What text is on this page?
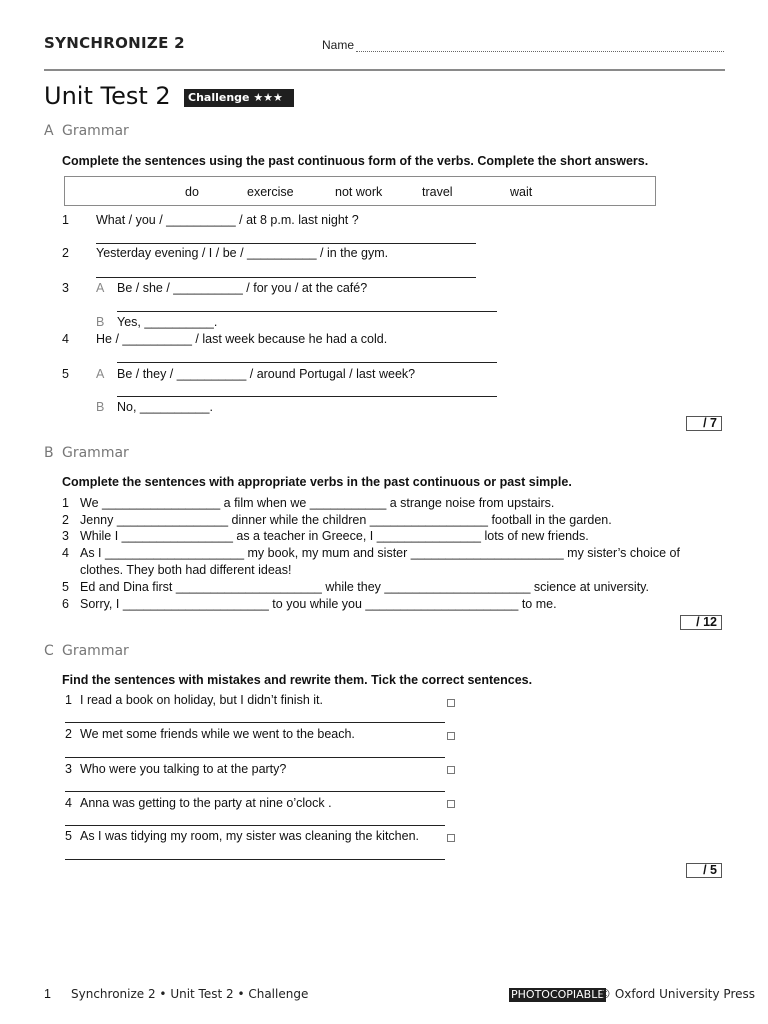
SYNCHRONIZE 2	Name
Unit Test 2	Challenge ★★★
A Grammar
Complete the sentences using the past continuous form of the verbs. Complete the short answers.
do	exercise	not work	travel	wait
1 What / you / __________ / at 8 p.m. last night ?
2 Yesterday evening / I / be / __________ / in the gym.
3 A Be / she / __________ / for you / at the café?
B Yes, __________.
4 He / __________ / last week because he had a cold.
5 A Be / they / __________ / around Portugal / last week?
B No, __________.
/ 7
B Grammar
Complete the sentences with appropriate verbs in the past continuous or past simple.
1 We _________________ a film when we ___________ a strange noise from upstairs.
2 Jenny ________________ dinner while the children _________________ football in the garden.
3 While I ________________ as a teacher in Greece, I _______________ lots of new friends.
4 As I ____________________ my book, my mum and sister ______________________ my sister’s choice of
clothes. They both had different ideas!
5 Ed and Dina first _____________________ while they _____________________ science at university.
6 Sorry, I _____________________ to you while you ______________________ to me.
/ 12
C Grammar
Find the sentences with mistakes and rewrite them. Tick the correct sentences.
1 I read a book on holiday, but I didn’t finish it.
2 We met some friends while we went to the beach.
3 Who were you talking to at the party?
4 Anna was getting to the party at nine o’clock .
5 As I was tidying my room, my sister was cleaning the kitchen.
/ 5
1 Synchronize 2 • Unit Test 2 • Challenge	PHOTOCOPIABLE
© Oxford University Press
